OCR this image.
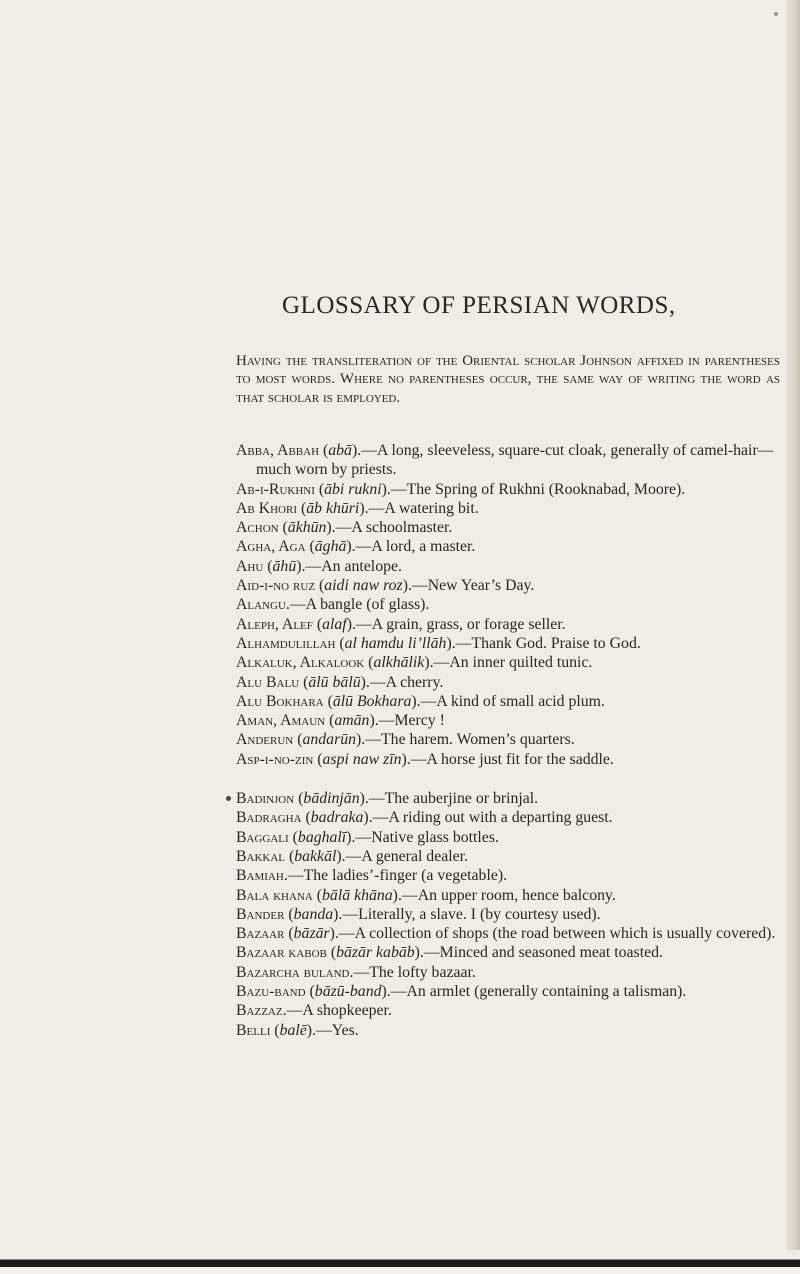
GLOSSARY OF PERSIAN WORDS,
Having the transliteration of the Oriental scholar Johnson affixed in parentheses to most words. Where no parentheses occur, the same way of writing the word as that scholar is employed.
Abba, Abbah (abā).—A long, sleeveless, square-cut cloak, generally of camel-hair—much worn by priests.
Ab-i-Rukhni (ābi rukni).—The Spring of Rukhni (Rooknabad, Moore).
Ab Khori (āb khūri).—A watering bit.
Achon (ākhūn).—A schoolmaster.
Agha, Aga (āghā).—A lord, a master.
Ahu (āhū).—An antelope.
Aid-i-no ruz (aidi naw roz).—New Year’s Day.
Alangu.—A bangle (of glass).
Aleph, Alef (alaf).—A grain, grass, or forage seller.
Alhamdulillah (al hamdu li’llāh).—Thank God. Praise to God.
Alkaluk, Alkalook (alkhālik).—An inner quilted tunic.
Alu Balu (ālū bālū).—A cherry.
Alu Bokhara (ālū Bokhara).—A kind of small acid plum.
Aman, Amaun (amān).—Mercy !
Anderun (andarūn).—The harem. Women’s quarters.
Asp-i-no-zin (aspi naw zīn).—A horse just fit for the saddle.
Badinjon (bādinjān).—The auberjine or brinjal.
Badragha (badraka).—A riding out with a departing guest.
Baggali (baghalī).—Native glass bottles.
Bakkal (bakkāl).—A general dealer.
Bamiah.—The ladies’-finger (a vegetable).
Bala khana (bālā khāna).—An upper room, hence balcony.
Bander (banda).—Literally, a slave. I (by courtesy used).
Bazaar (bāzār).—A collection of shops (the road between which is usually covered).
Bazaar kabob (bāzār kabāb).—Minced and seasoned meat toasted.
Bazarcha buland.—The lofty bazaar.
Bazu-band (bāzū-band).—An armlet (generally containing a talisman).
Bazzaz.—A shopkeeper.
Belli (balē).—Yes.
